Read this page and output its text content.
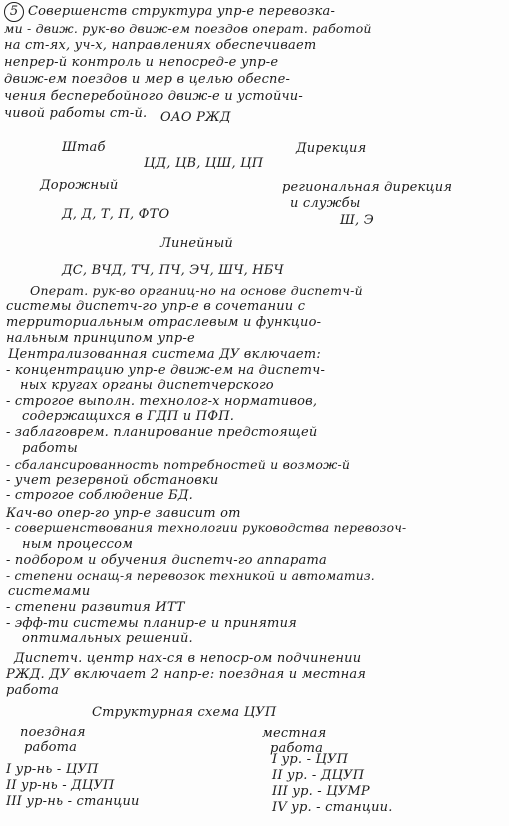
5 Совершенств структура упр-е перевозка-
ми - движ. рук-во движ-ем поездов операт. работой
на ст-ях, уч-х, направлениях обеспечивает
непрер-й контроль и непосред-е упр-е
движ-ем поездов и мер в целью обеспе-
чения бесперебойного движ-е и устойчи-
чивой работы ст-й. ОАО РЖД
Штаб	Дирекция
ЦД, ЦВ, ЦШ, ЦП
Дорожный	региональная дирекция
и службы
Д, Д, Т, П, ФТО	Ш, Э
Линейный
ДС, ВЧД, ТЧ, ПЧ, ЭЧ, ШЧ, НБЧ
Операт. рук-во органиц-но на основе диспетч-й
системы диспетч-го упр-е в сочетании с
территориальным отраслевым и функцио-
нальным принципом упр-е
Централизованная система ДУ включает:
- концентрацию упр-е движ-ем на диспетч-
ных кругах органы диспетчерского
- строгое выполн. технолог-х нормативов,
содержащихся в ГДП и ПФП.
- заблаговрем. планирование предстоящей
работы
- сбалансированность потребностей и возмож-й
- учет резервной обстановки
- строгое соблюдение БД.
Кач-во опер-го упр-е зависит от
- совершенствования технологии руководства перевозоч-
ным процессом
- подбором и обучения диспетч-го аппарата
- степени оснащ-я перевозок техникой и автоматиз.
системами
- степени развития ИТТ
- эфф-ти системы планир-е и принятия
оптимальных решений.
Диспетч. центр нах-ся в непоср-ом подчинении
РЖД. ДУ включает 2 напр-е: поездная и местная
работа
Структурная схема ЦУП
поездная
работа
местная
работа
I ур-нь - ЦУП
II ур-нь - ДЦУП
III ур-нь - станции
I ур. - ЦУП
II ур. - ДЦУП
III ур. - ЦУМР
IV ур. - станции.
